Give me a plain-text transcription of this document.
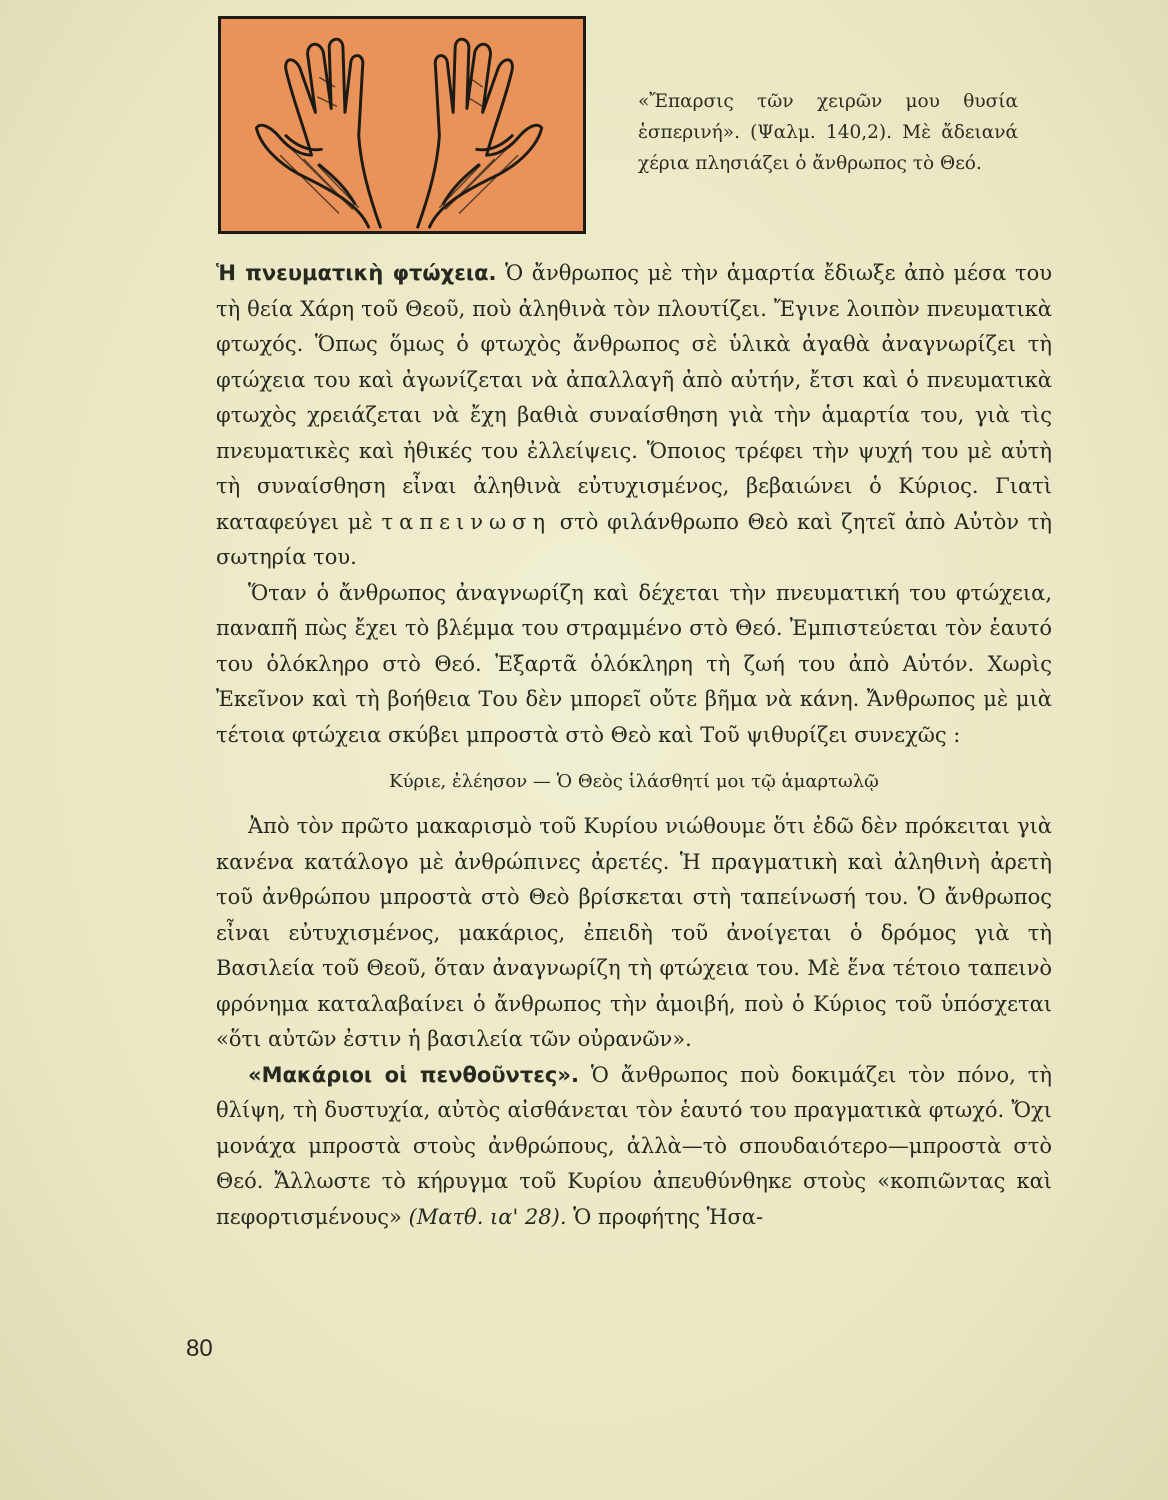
«Ἔπαρσις τῶν χειρῶν μου θυσία ἑσπερινή». (Ψαλμ. 140,2). Μὲ ἄδειανά χέρια πλησιάζει ὁ ἄνθρωπος τὸ Θεό.

Ἡ πνευματικὴ φτώχεια. Ὁ ἄνθρωπος μὲ τὴν ἁμαρτία ἔδιωξε ἀπὸ μέσα του τὴ θεία Χάρη τοῦ Θεοῦ, ποὺ ἀληθινὰ τὸν πλουτίζει. Ἔγινε λοιπὸν πνευματικὰ φτωχός. Ὅπως ὅμως ὁ φτωχὸς ἄνθρωπος σὲ ὑλικὰ ἀγαθὰ ἀναγνωρίζει τὴ φτώχεια του καὶ ἀγωνίζεται νὰ ἀπαλλαγῆ ἀπὸ αὐτήν, ἔτσι καὶ ὁ πνευματικὰ φτωχὸς χρειάζεται νὰ ἔχη βαθιὰ συναίσθηση γιὰ τὴν ἁμαρτία του, γιὰ τὶς πνευματικὲς καὶ ἠθικές του ἐλλείψεις. Ὅποιος τρέφει τὴν ψυχή του μὲ αὐτὴ τὴ συναίσθηση εἶναι ἀληθινὰ εὐτυχισμένος, βεβαιώνει ὁ Κύριος. Γιατὶ καταφεύγει μὲ ταπεινωση στὸ φιλάνθρωπο Θεὸ καὶ ζητεῖ ἀπὸ Αὐτὸν τὴ σωτηρία του.

Ὅταν ὁ ἄνθρωπος ἀναγνωρίζη καὶ δέχεται τὴν πνευματική του φτώχεια, παναπῆ πὼς ἔχει τὸ βλέμμα του στραμμένο στὸ Θεό. Ἐμπιστεύεται τὸν ἑαυτό του ὁλόκληρο στὸ Θεό. Ἐξαρτᾶ ὁλόκληρη τὴ ζωή του ἀπὸ Αὐτόν. Χωρὶς Ἐκεῖνον καὶ τὴ βοήθεια Του δὲν μπορεῖ οὔτε βῆμα νὰ κάνη. Ἄνθρωπος μὲ μιὰ τέτοια φτώχεια σκύβει μπροστὰ στὸ Θεὸ καὶ Τοῦ ψιθυρίζει συνεχῶς :

Κύριε, ἐλέησον — Ὁ Θεὸς ἱλάσθητί μοι τῷ ἁμαρτωλῷ

Ἀπὸ τὸν πρῶτο μακαρισμὸ τοῦ Κυρίου νιώθουμε ὅτι ἐδῶ δὲν πρόκειται γιὰ κανένα κατάλογο μὲ ἀνθρώπινες ἀρετές. Ἡ πραγματικὴ καὶ ἀληθινὴ ἀρετὴ τοῦ ἀνθρώπου μπροστὰ στὸ Θεὸ βρίσκεται στὴ ταπείνωσή του. Ὁ ἄνθρωπος εἶναι εὐτυχισμένος, μακάριος, ἐπειδὴ τοῦ ἀνοίγεται ὁ δρόμος γιὰ τὴ Βασιλεία τοῦ Θεοῦ, ὅταν ἀναγνωρίζη τὴ φτώχεια του. Μὲ ἕνα τέτοιο ταπεινὸ φρόνημα καταλαβαίνει ὁ ἄνθρωπος τὴν ἀμοιβή, ποὺ ὁ Κύριος τοῦ ὑπόσχεται «ὅτι αὐτῶν ἐστιν ἡ βασιλεία τῶν οὐρανῶν».

«Μακάριοι οἱ πενθοῦντες». Ὁ ἄνθρωπος ποὺ δοκιμάζει τὸν πόνο, τὴ θλίψη, τὴ δυστυχία, αὐτὸς αἰσθάνεται τὸν ἑαυτό του πραγματικὰ φτωχό. Ὄχι μονάχα μπροστὰ στοὺς ἀνθρώπους, ἀλλὰ—τὸ σπουδαιότερο—μπροστὰ στὸ Θεό. Ἄλλωστε τὸ κήρυγμα τοῦ Κυρίου ἀπευθύνθηκε στοὺς «κοπιῶντας καὶ πεφορτισμένους» (Ματθ. ια' 28). Ὁ προφήτης Ἡσα-

80
